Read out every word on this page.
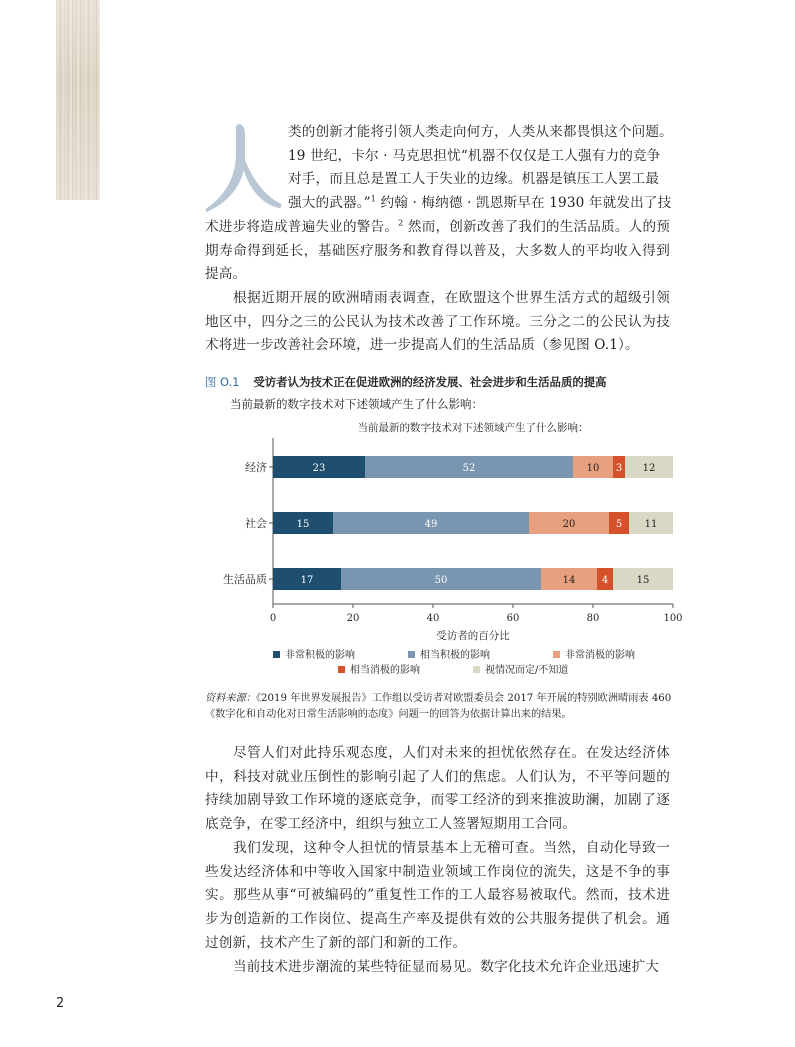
类的创新才能将引领人类走向何方，人类从来都畏惧这个问题。
19 世纪，卡尔 · 马克思担忧“机器不仅仅是工人强有力的竞争
对手，而且总是置工人于失业的边缘。机器是镇压工人罢工最
强大的武器。”$^1$ 约翰 · 梅纳德 · 凯恩斯早在 1930 年就发出了技

术进步将造成普遍失业的警告。$^2$ 然而，创新改善了我们的生活品质。人的预期寿命得到延长，基础医疗服务和教育得以普及，大多数人的平均收入得到提高。

根据近期开展的欧洲晴雨表调查，在欧盟这个世界生活方式的超级引领地区中，四分之三的公民认为技术改善了工作环境。三分之二的公民认为技术将进一步改善社会环境，进一步提高人们的生活品质（参见图 O.1）。

图 O.1 受访者认为技术正在促进欧洲的经济发展、社会进步和生活品质的提高

当前最新的数字技术对下述领域产生了什么影响：

当前最新的数字技术对下述领域产生了什么影响：
经济	23	52	10 3 12
社会	15	49	20	5 11
生活品质	17	50	14	4	15
0	20	40	60	80	100
受访者的百分比
非常积极的影响	相当积极的影响	非常消极的影响
相当消极的影响	视情况而定/不知道

资料来源：《2019 年世界发展报告》工作组以受访者对欧盟委员会 2017 年开展的特别欧洲晴雨表 460《数字化和自动化对日常生活影响的态度》问题一的回答为依据计算出来的结果。

尽管人们对此持乐观态度，人们对未来的担忧依然存在。在发达经济体中，科技对就业压倒性的影响引起了人们的焦虑。人们认为，不平等问题的持续加剧导致工作环境的逐底竞争，而零工经济的到来推波助澜，加剧了逐底竞争，在零工经济中，组织与独立工人签署短期用工合同。

我们发现，这种令人担忧的情景基本上无稽可查。当然，自动化导致一些发达经济体和中等收入国家中制造业领域工作岗位的流失，这是不争的事实。那些从事“可被编码的”重复性工作的工人最容易被取代。然而，技术进步为创造新的工作岗位、提高生产率及提供有效的公共服务提供了机会。通过创新，技术产生了新的部门和新的工作。

当前技术进步潮流的某些特征显而易见。数字化技术允许企业迅速扩大

2
